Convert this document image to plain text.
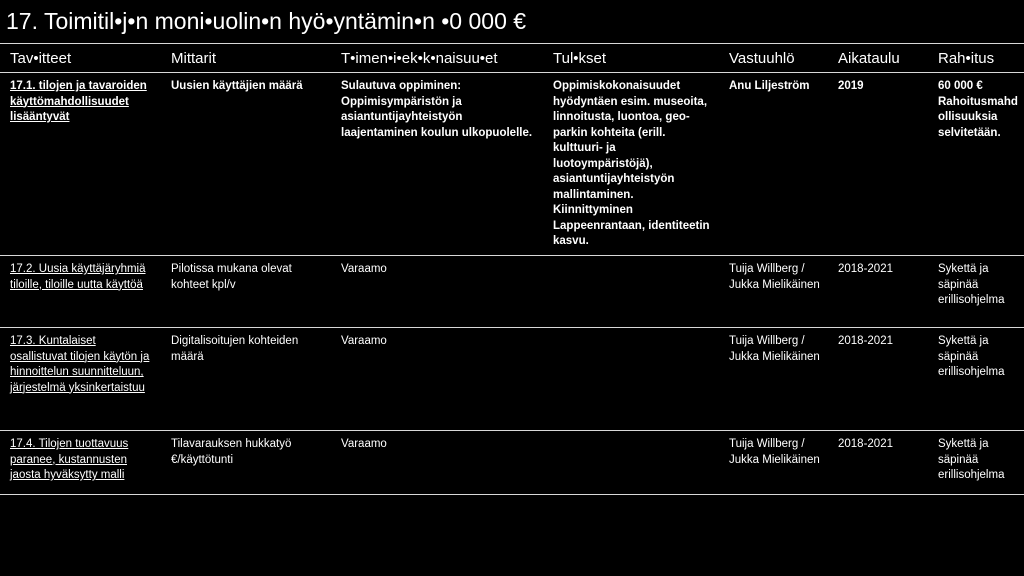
17. Toimitil•j•n moni•uolin•n hyö•yntämin•n •0 000 €
Tav•itteet	Mittarit	T•imen•i•ek•k•naisuu•et	Tul•kset	Vastuuhlö	Aikataulu	Rah•itus
17.1. tilojen ja tavaroiden käyttömahdollisuudet lisääntyvät	Uusien käyttäjien määrä	Sulautuva oppiminen: Oppimisympäristön ja asiantuntijayhteistyön laajentaminen koulun ulkopuolelle.	Oppimiskokonaisuudet hyödyntäen esim. museoita, linnoitusta, luontoa, geo-parkin kohteita (erill. kulttuuri- ja luotoympäristöjä), asiantuntijayhteistyön mallintaminen. Kiinnittyminen Lappeenrantaan, identiteetin kasvu.	Anu Liljeström	2019	60 000 € Rahoitusmahd ollisuuksia selvitetään.
17.2. Uusia käyttäjäryhmiä tiloille, tiloille uutta käyttöä	Pilotissa mukana olevat kohteet kpl/v	Varaamo		Tuija Willberg / Jukka Mielikäinen	2018-2021	Sykettä ja säpinää erillisohjelma
17.3. Kuntalaiset osallistuvat tilojen käytön ja hinnoittelun suunnitteluun, järjestelmä yksinkertaistuu	Digitalisoitujen kohteiden määrä	Varaamo		Tuija Willberg / Jukka Mielikäinen	2018-2021	Sykettä ja säpinää erillisohjelma
17.4. Tilojen tuottavuus paranee, kustannusten jaosta hyväksytty malli	Tilavarauksen hukkatyö €/käyttötunti	Varaamo		Tuija Willberg / Jukka Mielikäinen	2018-2021	Sykettä ja säpinää erillisohjelma
